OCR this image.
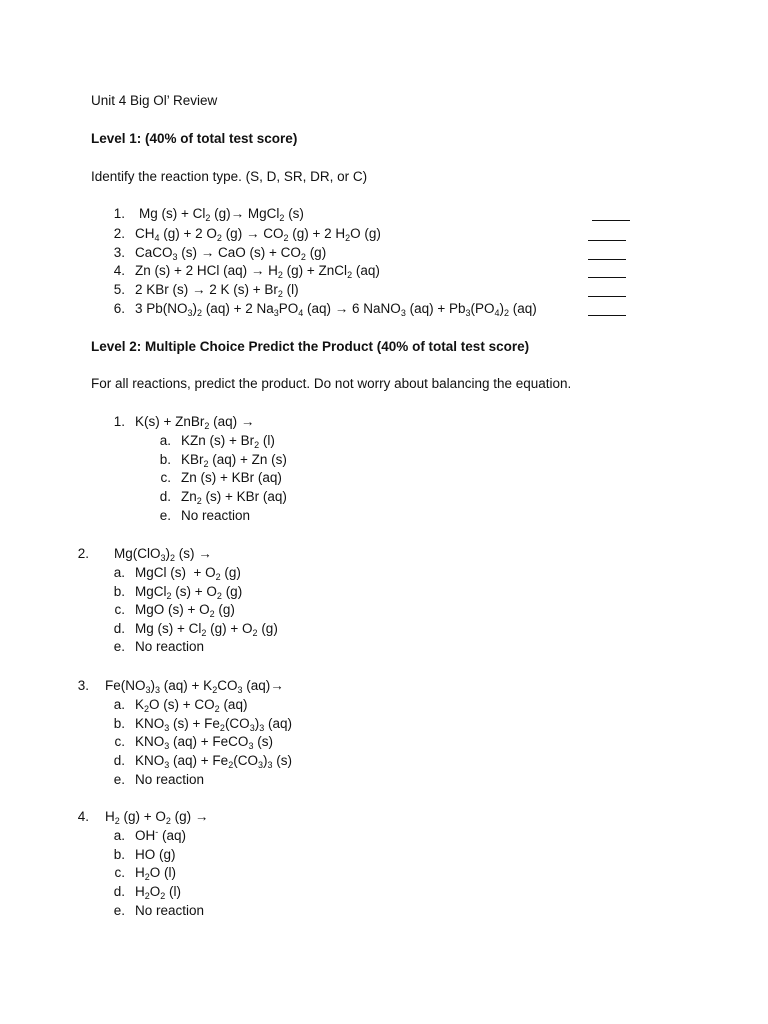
Unit 4 Big Ol’ Review
Level 1: (40% of total test score)
Identify the reaction type. (S, D, SR, DR, or C)
1. Mg $(s) + Cl_2$ (g)→ MgCl$_2$ (s)
2. $CH_4$ (g) + 2 $O_2$ $(g) \to CO_2$ (g) + 2 $H_2O$ (g)
3. CaCO$_3$ (s) → CaO $(s) + CO_2$ (g)
4. Zn (s) + 2 HCl $(aq) \to H_2$ (g) + ZnCl$_2$ (aq)
5. 2 KBr (s) → 2 K $(s) + Br_2$ (l)
6. 3 $Pb(NO_3)_2$ (aq) + 2 $Na_3PO_4$ (aq) → 6 NaNO$_3$ $(aq) + Pb_3(PO_4)_2$ (aq)
Level 2: Multiple Choice Predict the Product (40% of total test score)
For all reactions, predict the product. Do not worry about balancing the equation.
1. K(s) + ZnBr$_2$ (aq) →
a. KZn $(s) + Br_2$ (l)
b. KBr$_2$ (aq) + Zn (s)
c. Zn (s) + KBr (aq)
d. $Zn_2$ (s) + KBr (aq)
e. No reaction
2. $Mg(ClO_3)_2$ (s) →
a. MgCl $(s) + O_2$ (g)
b. MgCl$_2$ $(s) + O_2$ (g)
c. MgO $(s) + O_2$ (g)
d. Mg $(s) + Cl_2$ $(g) + O_2$ (g)
e. No reaction
3. $Fe(NO_3)_3$ $(aq) + K_2CO_3$ (aq)→
a. $K_2O$ $(s) + CO_2$ (aq)
b. $KNO_3$ $(s) + Fe_2(CO_3)_3$ (aq)
c. $KNO_3$ (aq) + FeCO$_3$ (s)
d. $KNO_3$ $(aq) + Fe_2(CO_3)_3$ (s)
e. No reaction
4. $H_2$ $(g) + O_2$ (g) →
a. OH- (aq)
b. HO (g)
c. $H_2O$ (l)
d. $H_2O_2$ (l)
e. No reaction
